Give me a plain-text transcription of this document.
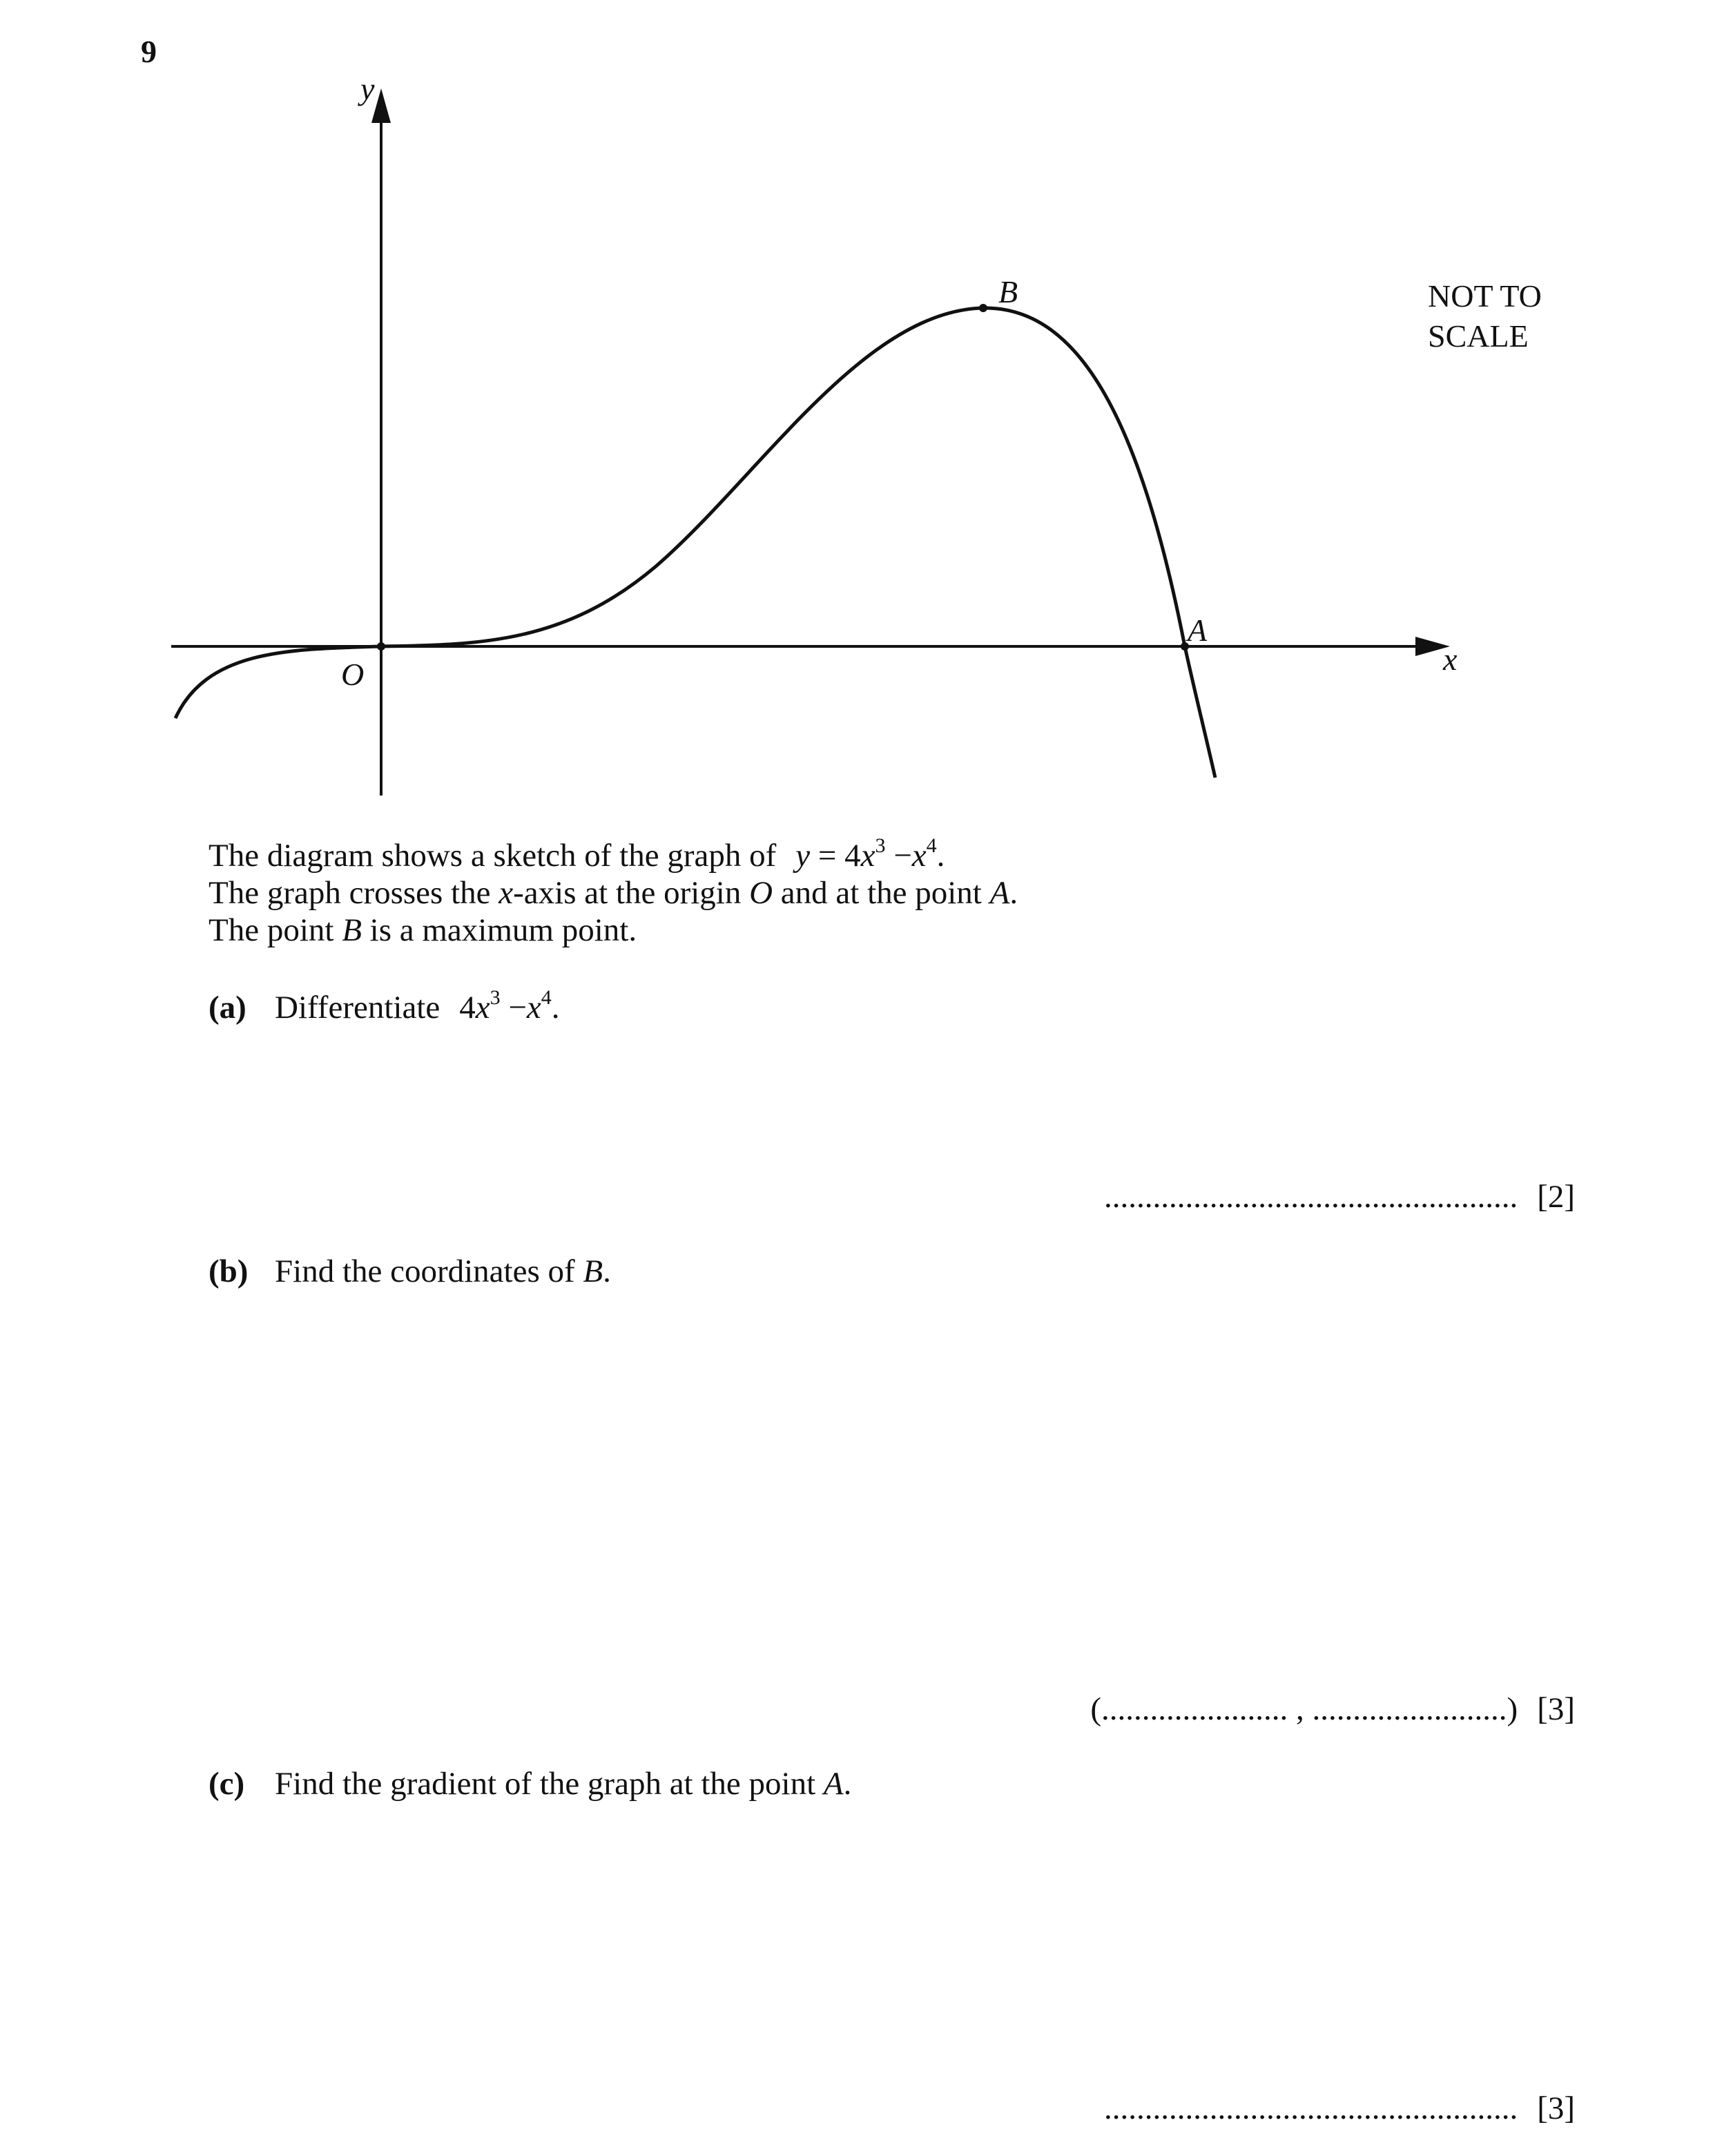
9
y
x
O
A
B	NOT TO
SCALE
The diagram shows a sketch of the graph of $y = 4x^3 -x^4$.
The graph crosses the x-axis at the origin O and at the point A.
The point B is a maximum point.
(a) Differentiate $4x^3 -x^4$.
................................................... [2]
(b) Find the coordinates of B.
(....................... , ........................) [3]
(c) Find the gradient of the graph at the point A.
................................................... [3]
